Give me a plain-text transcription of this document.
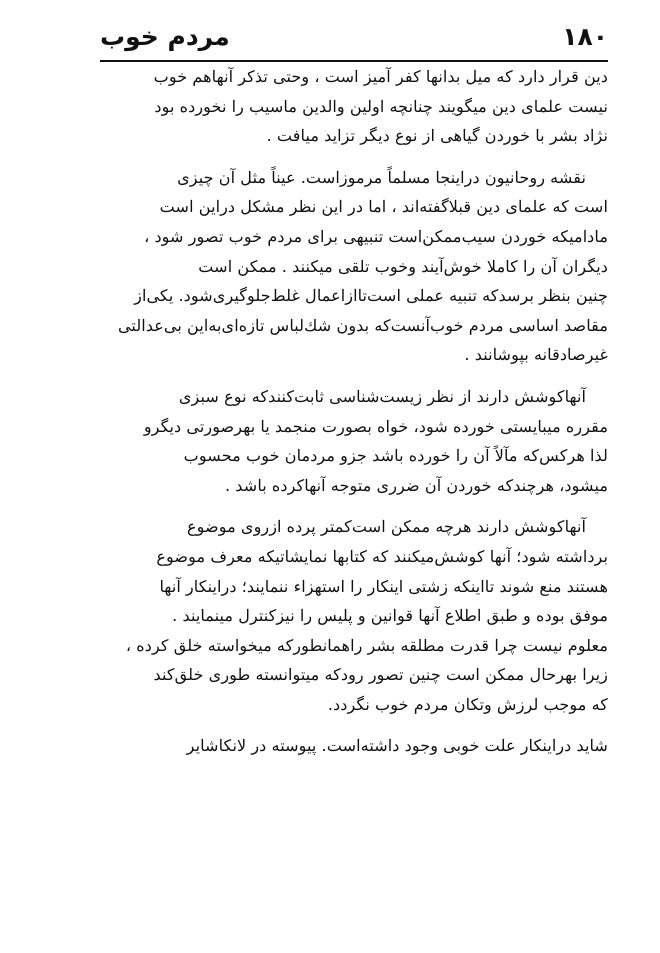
۱۸۰
مردم خوب
دین قرار دارد که میل بدانها کفر آمیز است ، وحتی تذکر آنهاهم خوب
نیست علمای دین میگویند چنانچه اولین والدین ماسیب را نخورده بود
نژاد بشر با خوردن گیاهی از نوع دیگر تزاید میافت .
نقشه روحانیون دراینجا مسلماً مرموزاست. عیناً مثل آن چیزی
است که علمای دین قبلاگفته‌اند ، اما در این نظر مشکل دراین است
مادامیکه خوردن سیب‌ممکن‌است تنبیهی برای مردم خوب تصور شود ،
دیگران آن را کاملا خوش‌آیند وخوب تلقی میکنند . ممکن است
چنین بنظر برسدکه تنبیه عملی است‌تاازاعمال غلط‌جلوگیری‌شود. یکی‌از
مقاصد اساسی مردم خوب‌آنست‌که بدون شك‌لباس تازه‌ای‌به‌این بی‌عدالتی
غیرصادقانه بپوشانند .
آنهاکوشش دارند از نظر زیست‌شناسی ثابت‌کنندکه نوع سبزی
مقرره میبایستی خورده شود، خواه بصورت منجمد یا بهرصورتی دیگرو
لذا هرکس‌که مآلاً آن را خورده باشد جزو مردمان خوب محسوب
میشود، هرچندکه خوردن آن ضرری متوجه آنهاکرده باشد .
آنهاکوشش دارند هرچه ممکن است‌کمتر پرده ازروی موضوع
برداشته شود؛ آنها کوشش‌میکنند که کتابها نمایشاتیکه معرف موضوع
هستند منع شوند تااینکه زشتی اینکار را استهزاء ننمایند؛ دراینکار آنها
موفق بوده و طبق اطلاع آنها قوانین و پلیس را نیزکنترل مینمایند .
معلوم نیست چرا قدرت مطلقه بشر راهمانطورکه میخواسته خلق کرده ،
زیرا بهرحال ممکن است چنین تصور رودکه میتوانسته طوری خلق‌کند
که موجب لرزش وتکان مردم خوب نگردد.
شاید دراینکار علت خوبی وجود داشته‌است. پیوسته در لانکاشایر
